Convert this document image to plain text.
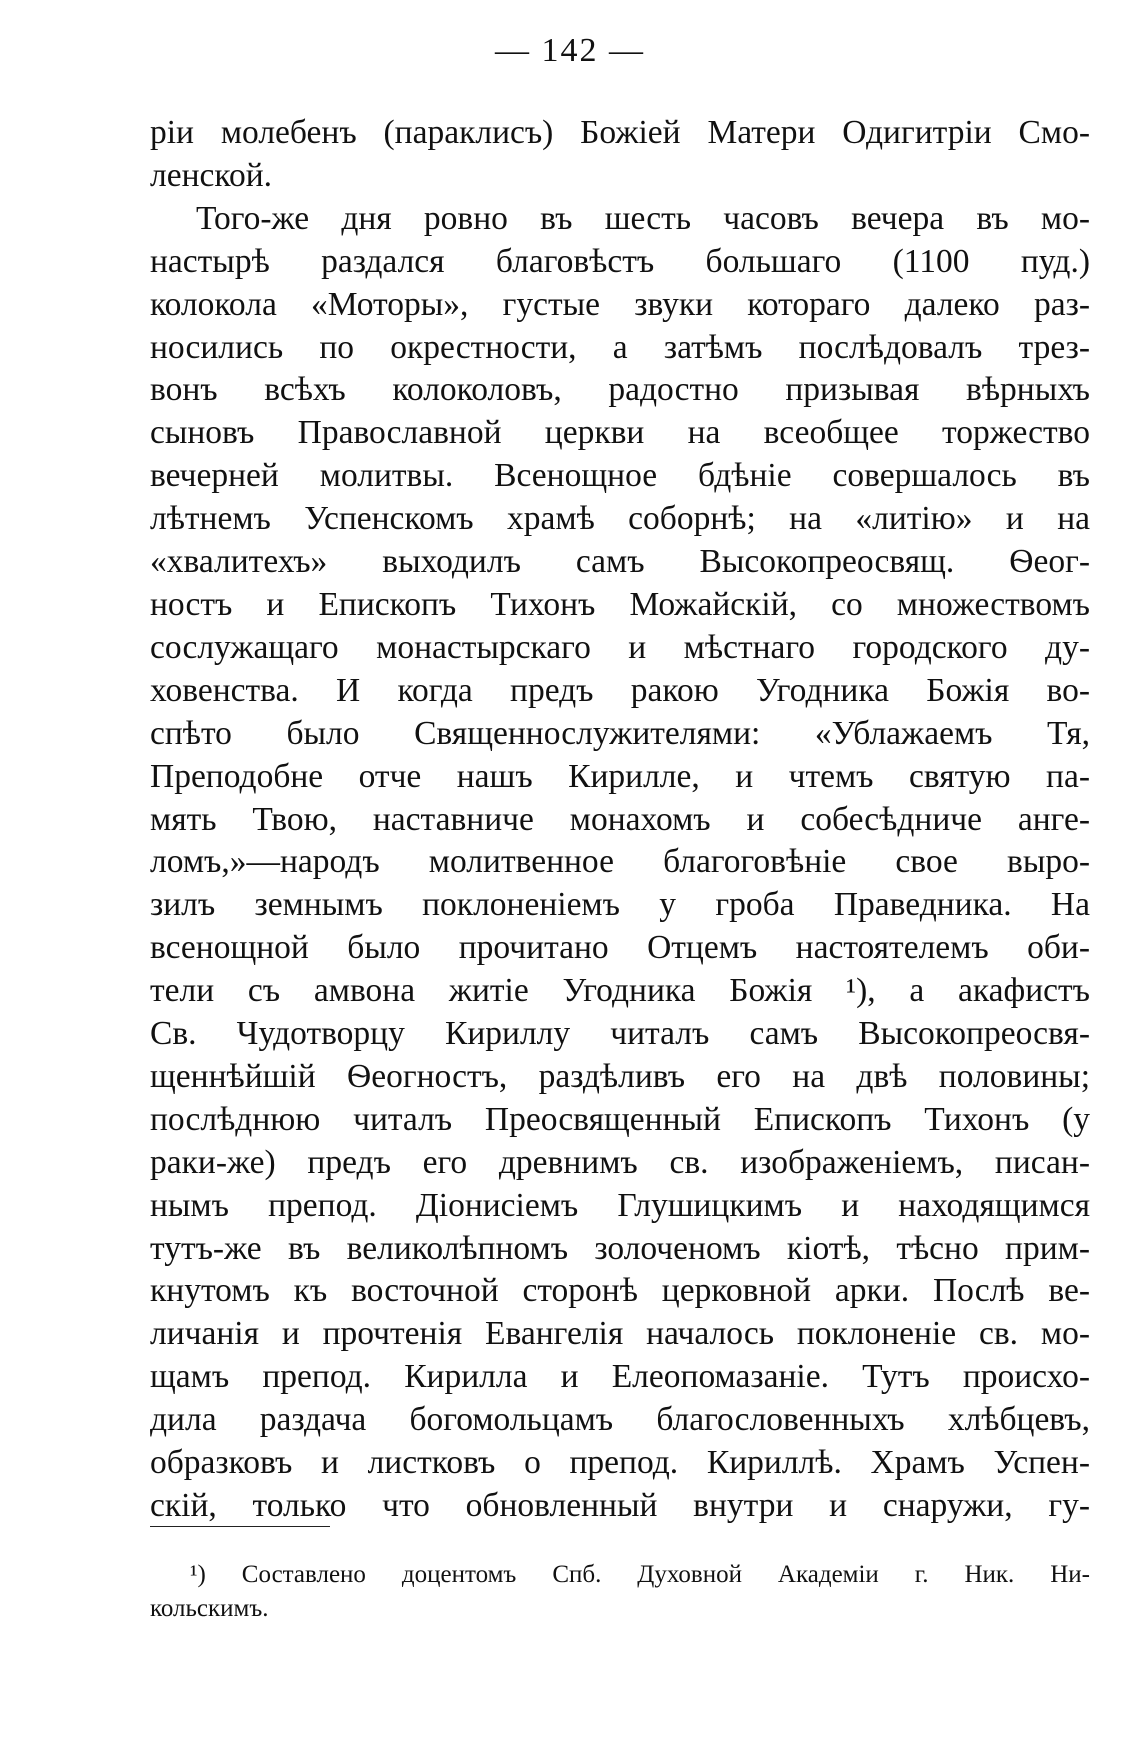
— 142 —
ріи молебенъ (параклисъ) Божіей Матери Одигитріи Смо-
ленской.
Того-же дня ровно въ шесть часовъ вечера въ мо-
настырѣ раздался благовѣстъ большаго (1100 пуд.)
колокола «Моторы», густые звуки котораго далеко раз-
носились по окрестности, а затѣмъ послѣдовалъ трез-
вонъ всѣхъ колоколовъ, радостно призывая вѣрныхъ
сыновъ Православной церкви на всеобщее торжество
вечерней молитвы. Всенощное бдѣніе совершалось въ
лѣтнемъ Успенскомъ храмѣ соборнѣ; на «литію» и на
«хвалитехъ» выходилъ самъ Высокопреосвящ. Ѳеог-
ностъ и Епископъ Тихонъ Можайскій, со множествомъ
сослужащаго монастырскаго и мѣстнаго городского ду-
ховенства. И когда предъ ракою Угодника Божія во-
спѣто было Священнослужителями: «Ублажаемъ Тя,
Преподобне отче нашъ Кирилле, и чтемъ святую па-
мять Твою, наставниче монахомъ и собесѣдниче анге-
ломъ,»—народъ молитвенное благоговѣніе свое выро-
зилъ земнымъ поклоненіемъ у гроба Праведника. На
всенощной было прочитано Отцемъ настоятелемъ оби-
тели съ амвона житіе Угодника Божія ¹), а акафистъ
Св. Чудотворцу Кириллу читалъ самъ Высокопреосвя-
щеннѣйшій Ѳеогностъ, раздѣливъ его на двѣ половины;
послѣднюю читалъ Преосвященный Епископъ Тихонъ (у
раки-же) предъ его древнимъ св. изображеніемъ, писан-
нымъ препод. Діонисіемъ Глушицкимъ и находящимся
тутъ-же въ великолѣпномъ золоченомъ кіотѣ, тѣсно прим-
кнутомъ къ восточной сторонѣ церковной арки. Послѣ ве-
личанія и прочтенія Евангелія началось поклоненіе св. мо-
щамъ препод. Кирилла и Елеопомазаніе. Тутъ происхо-
дила раздача богомольцамъ благословенныхъ хлѣбцевъ,
образковъ и листковъ о препод. Кириллѣ. Храмъ Успен-
скій, только что обновленный внутри и снаружи, гу-
¹) Составлено доцентомъ Спб. Духовной Академіи г. Ник. Ни-
кольскимъ.
